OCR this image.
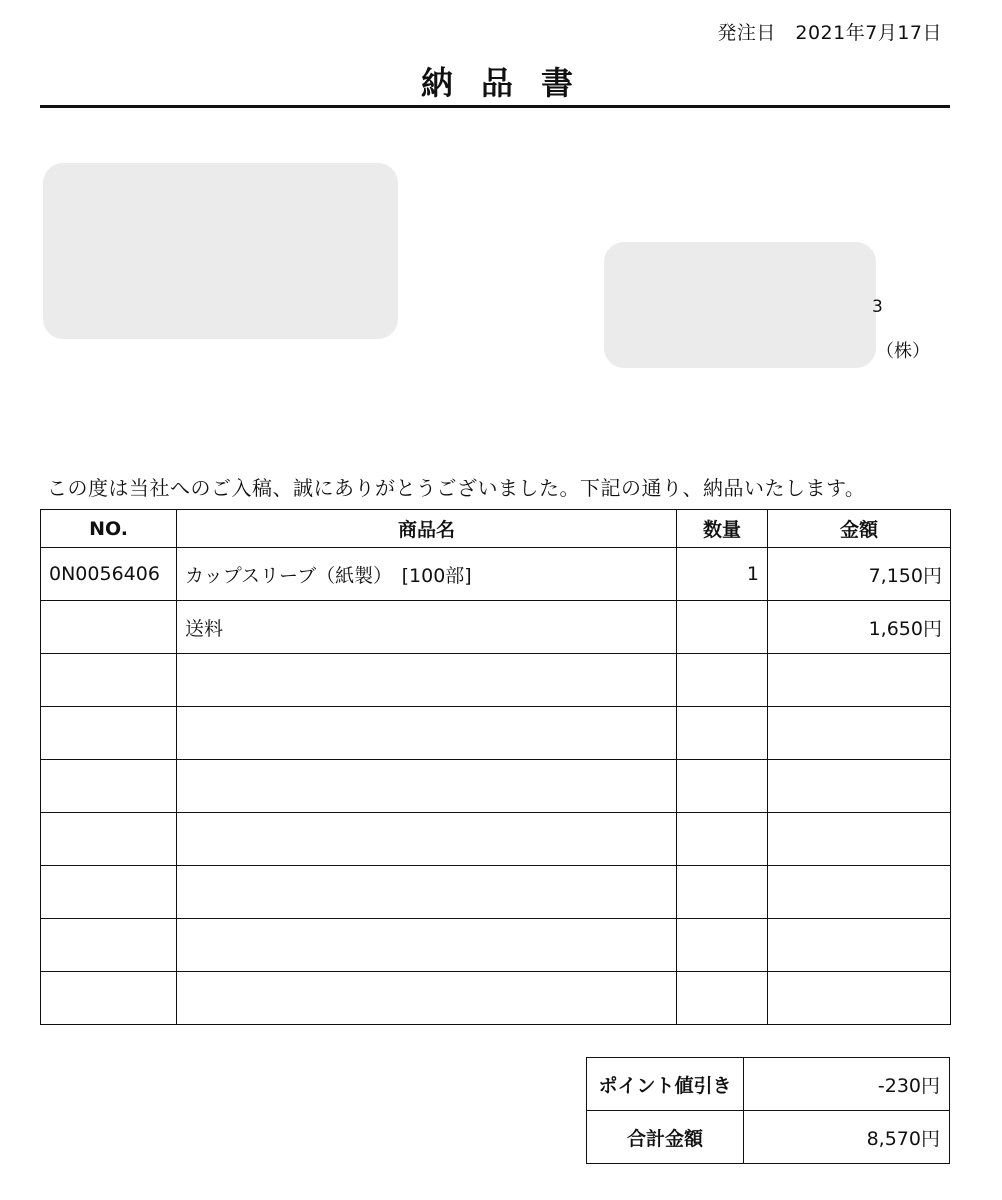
発注日　2021年7月17日
納品書
3
（株）
この度は当社へのご入稿、誠にありがとうございました。下記の通り、納品いたします。
NO.	商品名	数量	金額
0N0056406	カップスリーブ（紙製）　[100部]	1	7,150円
	送料		1,650円

ポイント値引き	-230円
合計金額	8,570円
